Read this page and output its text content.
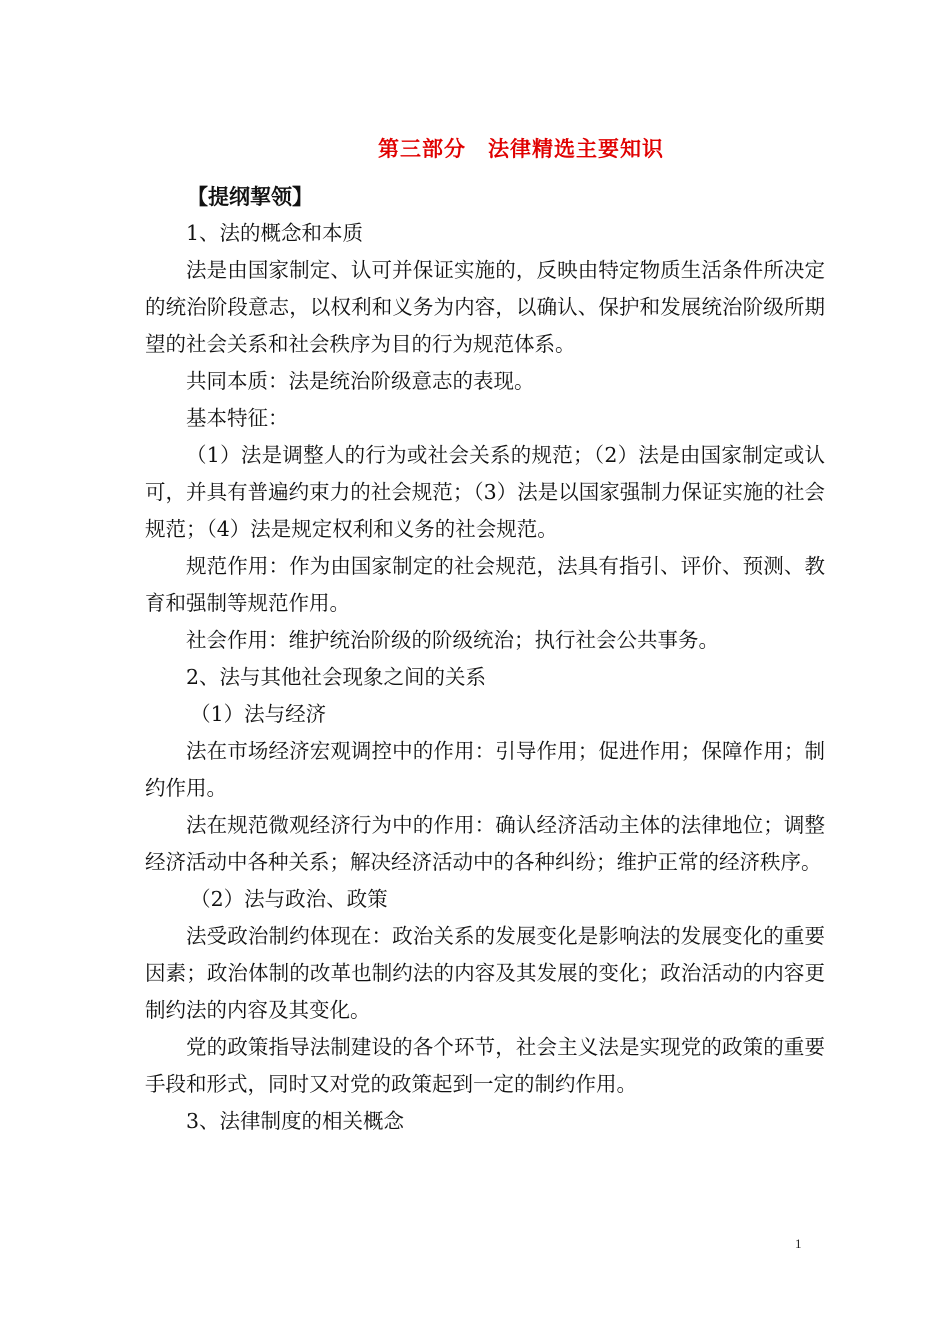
第三部分　法律精选主要知识

【提纲挈领】

1、法的概念和本质

法是由国家制定、认可并保证实施的，反映由特定物质生活条件所决定的统治阶段意志，以权利和义务为内容，以确认、保护和发展统治阶级所期望的社会关系和社会秩序为目的行为规范体系。

共同本质：法是统治阶级意志的表现。

基本特征：

（1）法是调整人的行为或社会关系的规范；（2）法是由国家制定或认可，并具有普遍约束力的社会规范；（3）法是以国家强制力保证实施的社会规范；（4）法是规定权利和义务的社会规范。

规范作用：作为由国家制定的社会规范，法具有指引、评价、预测、教育和强制等规范作用。

社会作用：维护统治阶级的阶级统治；执行社会公共事务。

2、法与其他社会现象之间的关系

（1）法与经济

法在市场经济宏观调控中的作用：引导作用；促进作用；保障作用；制约作用。

法在规范微观经济行为中的作用：确认经济活动主体的法律地位；调整经济活动中各种关系；解决经济活动中的各种纠纷；维护正常的经济秩序。

（2）法与政治、政策

法受政治制约体现在：政治关系的发展变化是影响法的发展变化的重要因素；政治体制的改革也制约法的内容及其发展的变化；政治活动的内容更制约法的内容及其变化。

党的政策指导法制建设的各个环节，社会主义法是实现党的政策的重要手段和形式，同时又对党的政策起到一定的制约作用。

3、法律制度的相关概念

1
